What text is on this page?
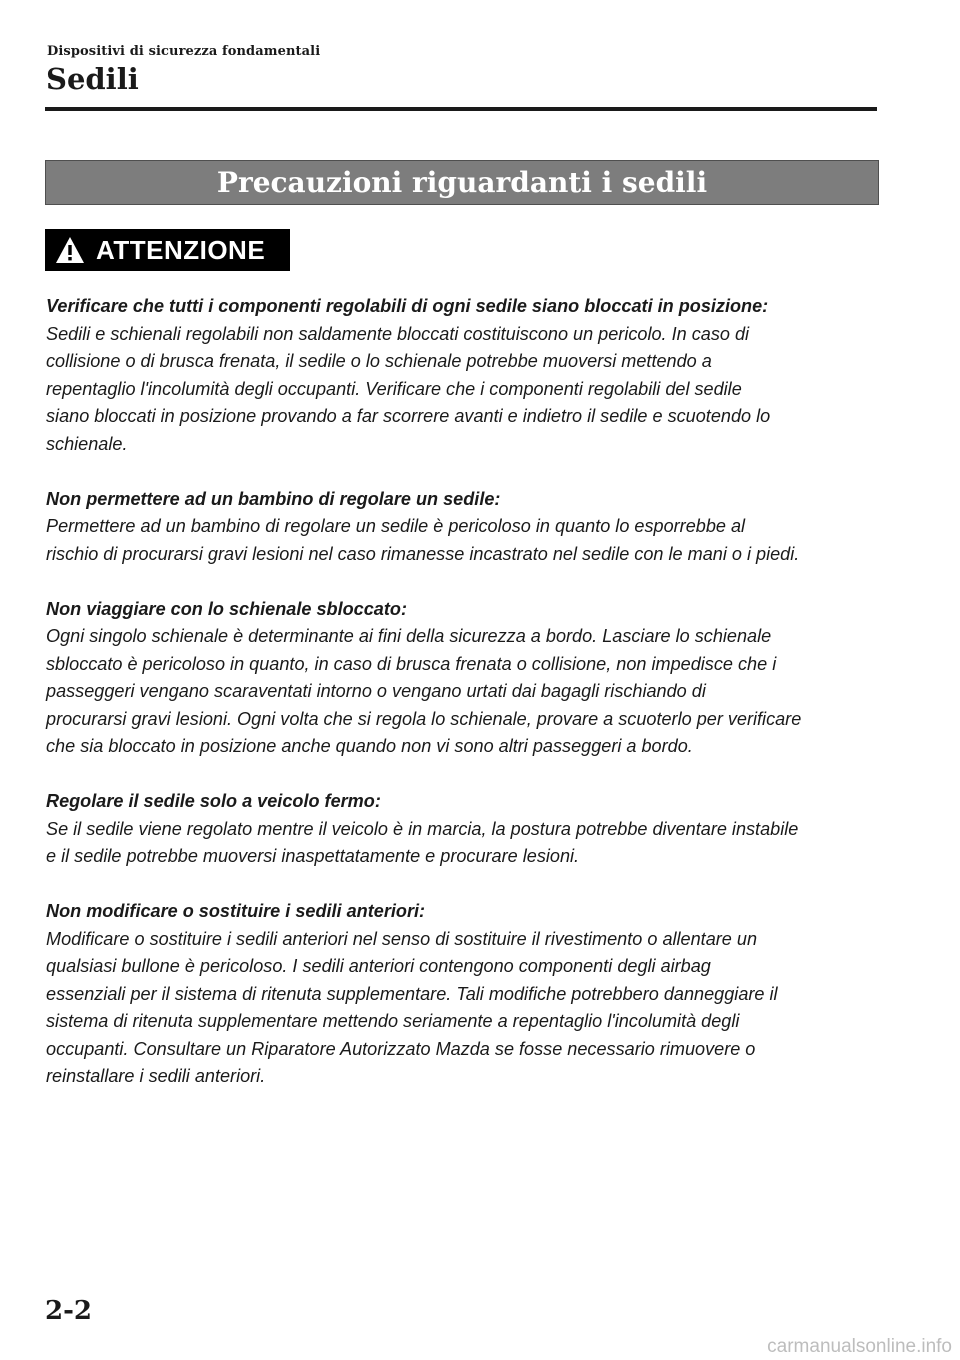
Dispositivi di sicurezza fondamentali
Sedili
Precauzioni riguardanti i sedili
ATTENZIONE
Verificare che tutti i componenti regolabili di ogni sedile siano bloccati in posizione:
Sedili e schienali regolabili non saldamente bloccati costituiscono un pericolo. In caso di
collisione o di brusca frenata, il sedile o lo schienale potrebbe muoversi mettendo a
repentaglio l'incolumità degli occupanti. Verificare che i componenti regolabili del sedile
siano bloccati in posizione provando a far scorrere avanti e indietro il sedile e scuotendo lo
schienale.
Non permettere ad un bambino di regolare un sedile:
Permettere ad un bambino di regolare un sedile è pericoloso in quanto lo esporrebbe al
rischio di procurarsi gravi lesioni nel caso rimanesse incastrato nel sedile con le mani o i piedi.
Non viaggiare con lo schienale sbloccato:
Ogni singolo schienale è determinante ai fini della sicurezza a bordo. Lasciare lo schienale
sbloccato è pericoloso in quanto, in caso di brusca frenata o collisione, non impedisce che i
passeggeri vengano scaraventati intorno o vengano urtati dai bagagli rischiando di
procurarsi gravi lesioni. Ogni volta che si regola lo schienale, provare a scuoterlo per verificare
che sia bloccato in posizione anche quando non vi sono altri passeggeri a bordo.
Regolare il sedile solo a veicolo fermo:
Se il sedile viene regolato mentre il veicolo è in marcia, la postura potrebbe diventare instabile
e il sedile potrebbe muoversi inaspettatamente e procurare lesioni.
Non modificare o sostituire i sedili anteriori:
Modificare o sostituire i sedili anteriori nel senso di sostituire il rivestimento o allentare un
qualsiasi bullone è pericoloso. I sedili anteriori contengono componenti degli airbag
essenziali per il sistema di ritenuta supplementare. Tali modifiche potrebbero danneggiare il
sistema di ritenuta supplementare mettendo seriamente a repentaglio l'incolumità degli
occupanti. Consultare un Riparatore Autorizzato Mazda se fosse necessario rimuovere o
reinstallare i sedili anteriori.
2-2
carmanualsonline.info
